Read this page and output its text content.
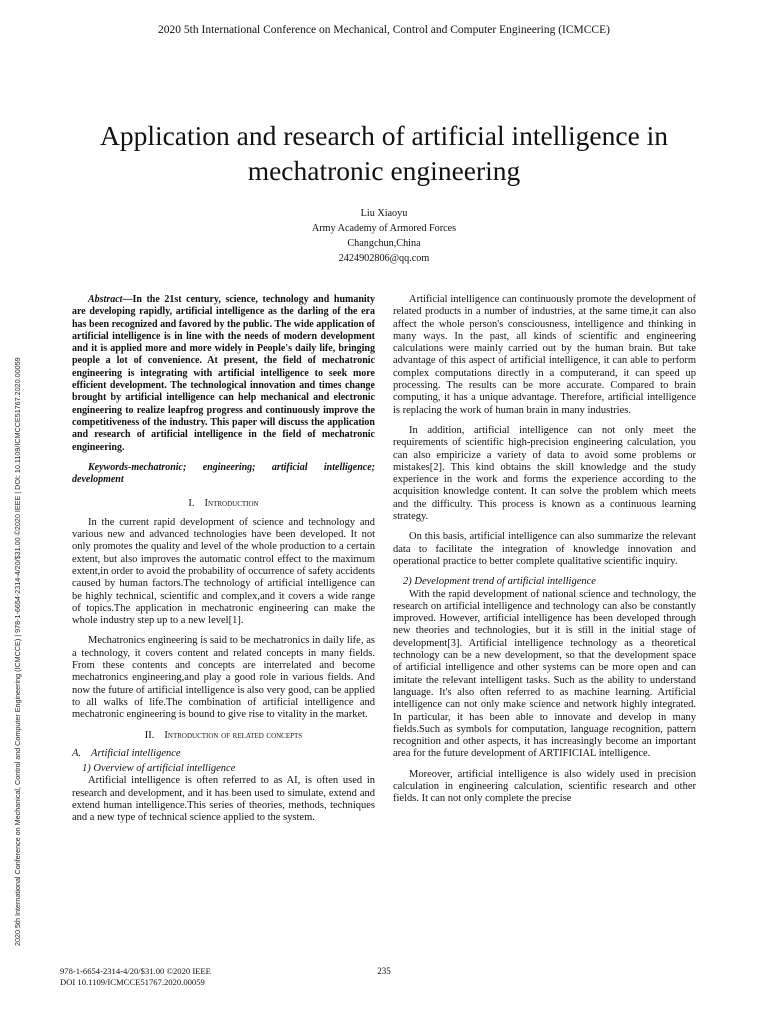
2020 5th International Conference on Mechanical, Control and Computer Engineering (ICMCCE)
2020 5th International Conference on Mechanical, Control and Computer Engineering (ICMCCE) | 978-1-6654-2314-4/20/$31.00 ©2020 IEEE | DOI: 10.1109/ICMCCE51767.2020.00059
Application and research of artificial intelligence in mechatronic engineering
Liu Xiaoyu
Army Academy of Armored Forces
Changchun,China
2424902806@qq.com

Abstract—In the 21st century, science, technology and humanity are developing rapidly, artificial intelligence as the darling of the era has been recognized and favored by the public. The wide application of artificial intelligence is in line with the needs of modern development and it is applied more and more widely in People's daily life, bringing people a lot of convenience. At present, the field of mechatronic engineering is integrating with artificial intelligence to seek more efficient development. The technological innovation and times change brought by artificial intelligence can help mechanical and electronic engineering to realize leapfrog progress and continuously improve the competitiveness of the industry. This paper will discuss the application and research of artificial intelligence in the field of mechatronic engineering.

Keywords-mechatronic; engineering; artificial intelligence; development

I. Introduction

In the current rapid development of science and technology and various new and advanced technologies have been developed. It not only promotes the quality and level of the whole production to a certain extent, but also improves the automatic control effect to the maximum extent,in order to avoid the probability of occurrence of safety accidents caused by human factors.The technology of artificial intelligence can be highly technical, scientific and complex,and it covers a wide range of topics.The application in mechatronic engineering can make the whole industry step up to a new level[1].

Mechatronics engineering is said to be mechatronics in daily life, as a technology, it covers content and related concepts in many fields. From these contents and concepts are interrelated and become mechatronics engineering,and play a good role in various fields. And now the future of artificial intelligence is also very good, can be applied to all walks of life.The combination of artificial intelligence and mechatronic engineering is bound to give rise to vitality in the market.

II. Introduction of related concepts
A. Artificial intelligence
1) Overview of artificial intelligence

Artificial intelligence is often referred to as AI, is often used in research and development, and it has been used to simulate, extend and extend human intelligence.This series of theories, methods, techniques and a new type of technical science applied to the system.

Artificial intelligence can continuously promote the development of related products in a number of industries, at the same time,it can also affect the whole person's consciousness, intelligence and thinking in many ways. In the past, all kinds of scientific and engineering calculations were mainly carried out by the human brain. But take advantage of this aspect of artificial intelligence, it can able to perform complex computations directly in a computerand, it can speed up processing. The results can be more accurate. Compared to brain computing, it has a unique advantage. Therefore, artificial intelligence is replacing the work of human brain in many industries.

In addition, artificial intelligence can not only meet the requirements of scientific high-precision engineering calculation, you can also empiricize a variety of data to avoid some problems or mistakes[2]. This kind obtains the skill knowledge and the study experience in the work and forms the experience according to the acquisition knowledge content. It can solve the problem which meets and the difficulty. This process is known as a continuous learning strategy.

On this basis, artificial intelligence can also summarize the relevant data to facilitate the integration of knowledge innovation and operational practice to better complete qualitative scientific inquiry.

2) Development trend of artificial intelligence

With the rapid development of national science and technology, the research on artificial intelligence and technology can also be constantly improved. However, artificial intelligence has been developed through new theories and technologies, but it is still in the initial stage of development[3]. Artificial intelligence technology as a theoretical technology can be a new development, so that the development space of artificial intelligence and other systems can be more open and can imitate the relevant intelligent tasks. Such as the ability to understand language. It's also often referred to as machine learning. Artificial intelligence can not only make science and network highly integrated. In particular, it has been able to innovate and develop in many fields.Such as symbols for computation, language recognition, pattern recognition and other aspects, it has increasingly become an important area for the future development of ARTIFICIAL intelligence.

Moreover, artificial intelligence is also widely used in precision calculation in engineering calculation, scientific research and other fields. It can not only complete the precise

978-1-6654-2314-4/20/$31.00 ©2020 IEEE
DOI 10.1109/ICMCCE51767.2020.00059
235
